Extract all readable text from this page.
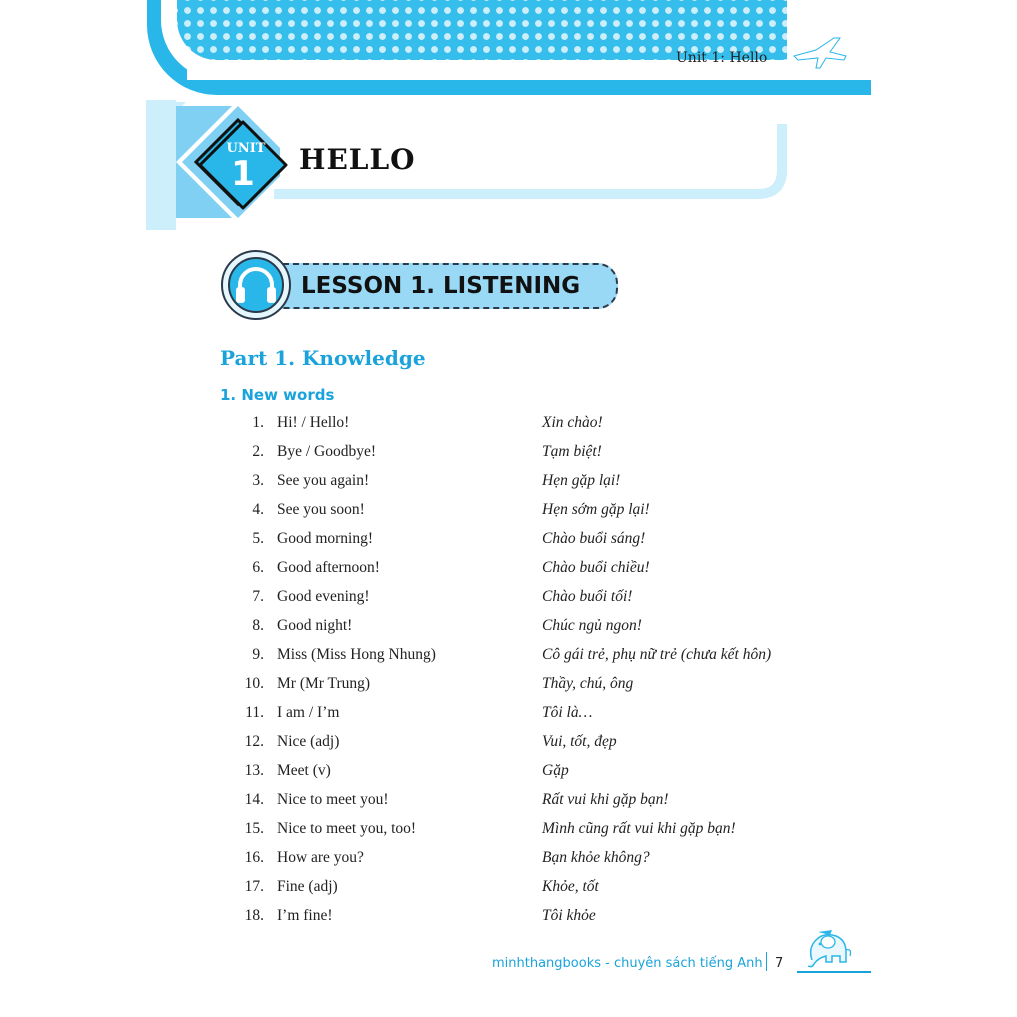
Unit 1: Hello
UNIT
1 HELLO
LESSON 1. LISTENING
Part 1. Knowledge
1. New words
1. Hi! / Hello!	Xin chào!
2. Bye / Goodbye!	Tạm biệt!
3. See you again!	Hẹn gặp lại!
4. See you soon!	Hẹn sớm gặp lại!
5. Good morning!	Chào buổi sáng!
6. Good afternoon!	Chào buổi chiều!
7. Good evening!	Chào buổi tối!
8. Good night!	Chúc ngủ ngon!
9. Miss (Miss Hong Nhung)	Cô gái trẻ, phụ nữ trẻ (chưa kết hôn)
10. Mr (Mr Trung)	Thầy, chú, ông
11. I am / I’m	Tôi là…
12. Nice (adj)	Vui, tốt, đẹp
13. Meet (v)	Gặp
14. Nice to meet you!	Rất vui khi gặp bạn!
15. Nice to meet you, too!	Mình cũng rất vui khi gặp bạn!
16. How are you?	Bạn khỏe không?
17. Fine (adj)	Khỏe, tốt
18. I’m fine!	Tôi khỏe
minhthangbooks - chuyên sách tiếng Anh 7
